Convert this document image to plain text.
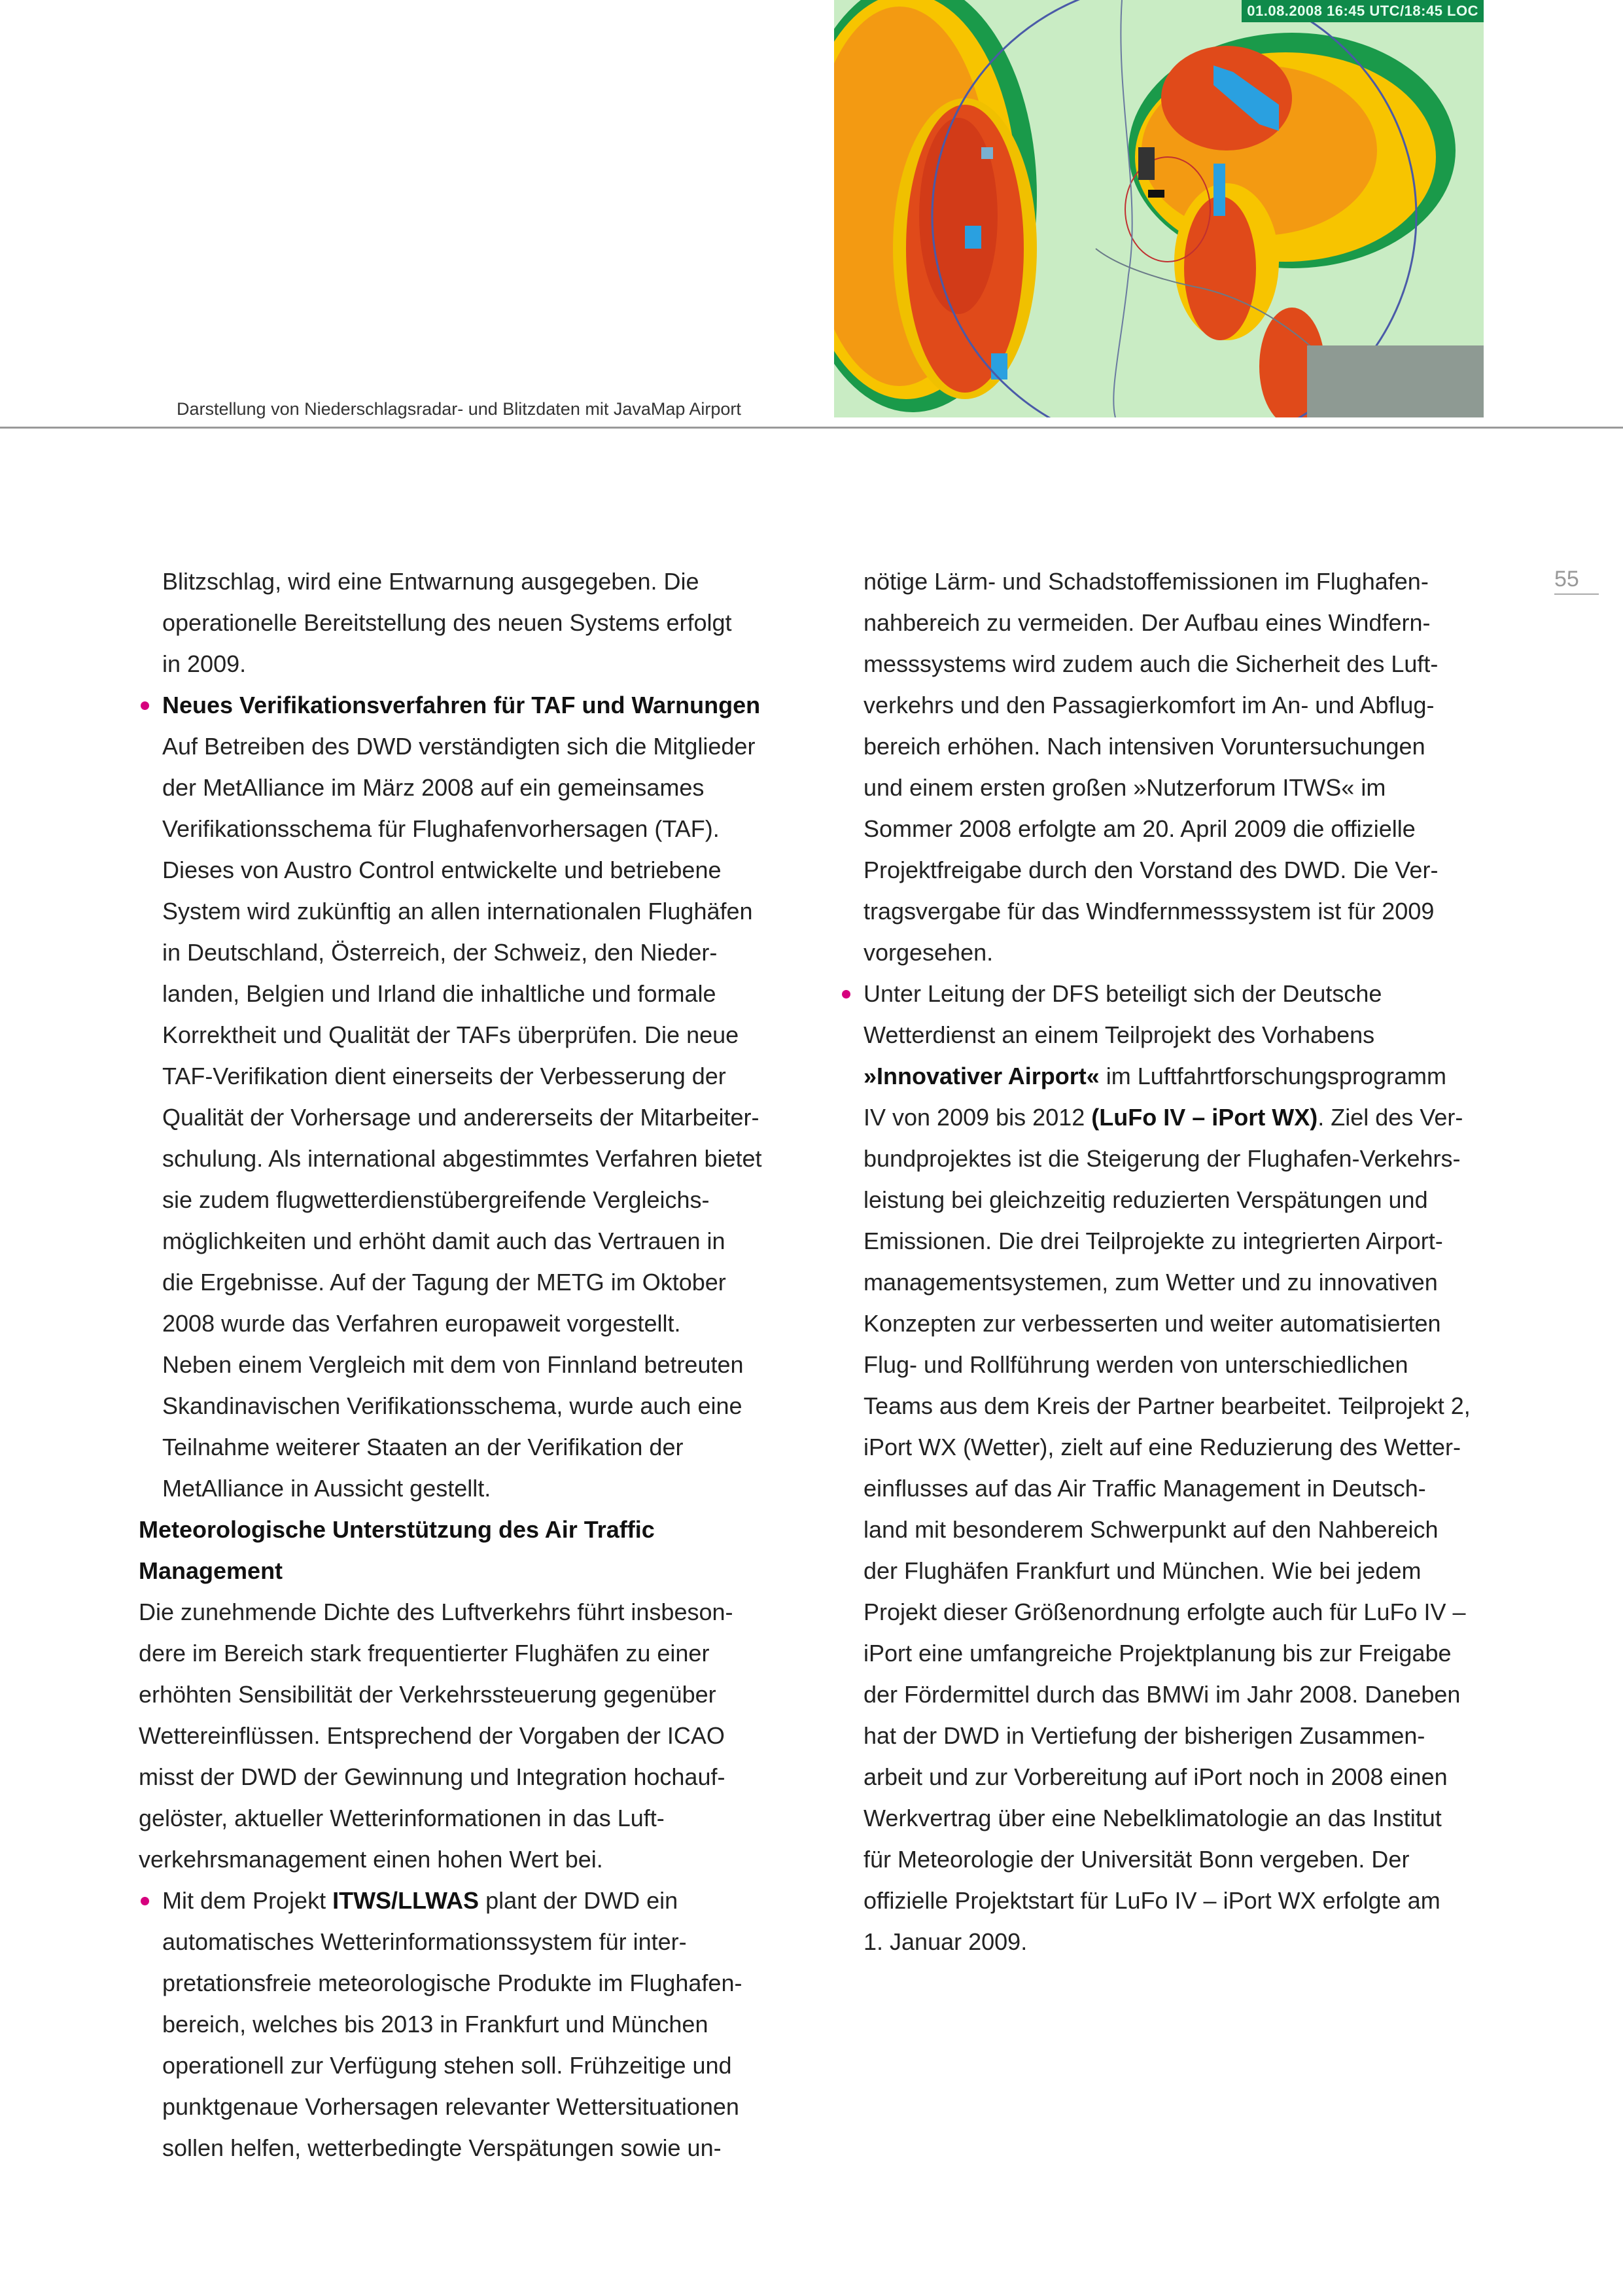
01.08.2008 16:45 UTC/18:45 LOC
Darstellung von Niederschlagsradar- und Blitzdaten mit JavaMap Airport
55
Blitzschlag, wird eine Entwarnung ausgegeben. Die
operationelle Bereitstellung des neuen Systems erfolgt
in 2009.
Neues Verifikationsverfahren für TAF und Warnungen
Auf Betreiben des DWD verständigten sich die Mitglieder
der MetAlliance im März 2008 auf ein gemeinsames
Verifikationsschema für Flughafenvorhersagen (TAF).
Dieses von Austro Control entwickelte und betriebene
System wird zukünftig an allen internationalen Flughäfen
in Deutschland, Österreich, der Schweiz, den Nieder-
landen, Belgien und Irland die inhaltliche und formale
Korrektheit und Qualität der TAFs überprüfen. Die neue
TAF-Verifikation dient einerseits der Verbesserung der
Qualität der Vorhersage und andererseits der Mitarbeiter-
schulung. Als international abgestimmtes Verfahren bietet
sie zudem flugwetterdienstübergreifende Vergleichs-
möglichkeiten und erhöht damit auch das Vertrauen in
die Ergebnisse. Auf der Tagung der METG im Oktober
2008 wurde das Verfahren europaweit vorgestellt.
Neben einem Vergleich mit dem von Finnland betreuten
Skandinavischen Verifikationsschema, wurde auch eine
Teilnahme weiterer Staaten an der Verifikation der
MetAlliance in Aussicht gestellt.
Meteorologische Unterstützung des Air Traffic
Management
Die zunehmende Dichte des Luftverkehrs führt insbeson-
dere im Bereich stark frequentierter Flughäfen zu einer
erhöhten Sensibilität der Verkehrssteuerung gegenüber
Wettereinflüssen. Entsprechend der Vorgaben der ICAO
misst der DWD der Gewinnung und Integration hochauf-
gelöster, aktueller Wetterinformationen in das Luft-
verkehrsmanagement einen hohen Wert bei.
Mit dem Projekt ITWS/LLWAS plant der DWD ein
automatisches Wetterinformationssystem für inter-
pretationsfreie meteorologische Produkte im Flughafen-
bereich, welches bis 2013 in Frankfurt und München
operationell zur Verfügung stehen soll. Frühzeitige und
punktgenaue Vorhersagen relevanter Wettersituationen
sollen helfen, wetterbedingte Verspätungen sowie un-
nötige Lärm- und Schadstoffemissionen im Flughafen-
nahbereich zu vermeiden. Der Aufbau eines Windfern-
messsystems wird zudem auch die Sicherheit des Luft-
verkehrs und den Passagierkomfort im An- und Abflug-
bereich erhöhen. Nach intensiven Voruntersuchungen
und einem ersten großen »Nutzerforum ITWS« im
Sommer 2008 erfolgte am 20. April 2009 die offizielle
Projektfreigabe durch den Vorstand des DWD. Die Ver-
tragsvergabe für das Windfernmesssystem ist für 2009
vorgesehen.
Unter Leitung der DFS beteiligt sich der Deutsche
Wetterdienst an einem Teilprojekt des Vorhabens
»Innovativer Airport« im Luftfahrtforschungsprogramm
IV von 2009 bis 2012 (LuFo IV – iPort WX). Ziel des Ver-
bundprojektes ist die Steigerung der Flughafen-Verkehrs-
leistung bei gleichzeitig reduzierten Verspätungen und
Emissionen. Die drei Teilprojekte zu integrierten Airport-
managementsystemen, zum Wetter und zu innovativen
Konzepten zur verbesserten und weiter automatisierten
Flug- und Rollführung werden von unterschiedlichen
Teams aus dem Kreis der Partner bearbeitet. Teilprojekt 2,
iPort WX (Wetter), zielt auf eine Reduzierung des Wetter-
einflusses auf das Air Traffic Management in Deutsch-
land mit besonderem Schwerpunkt auf den Nahbereich
der Flughäfen Frankfurt und München. Wie bei jedem
Projekt dieser Größenordnung erfolgte auch für LuFo IV –
iPort eine umfangreiche Projektplanung bis zur Freigabe
der Fördermittel durch das BMWi im Jahr 2008. Daneben
hat der DWD in Vertiefung der bisherigen Zusammen-
arbeit und zur Vorbereitung auf iPort noch in 2008 einen
Werkvertrag über eine Nebelklimatologie an das Institut
für Meteorologie der Universität Bonn vergeben. Der
offizielle Projektstart für LuFo IV – iPort WX erfolgte am
1. Januar 2009.
